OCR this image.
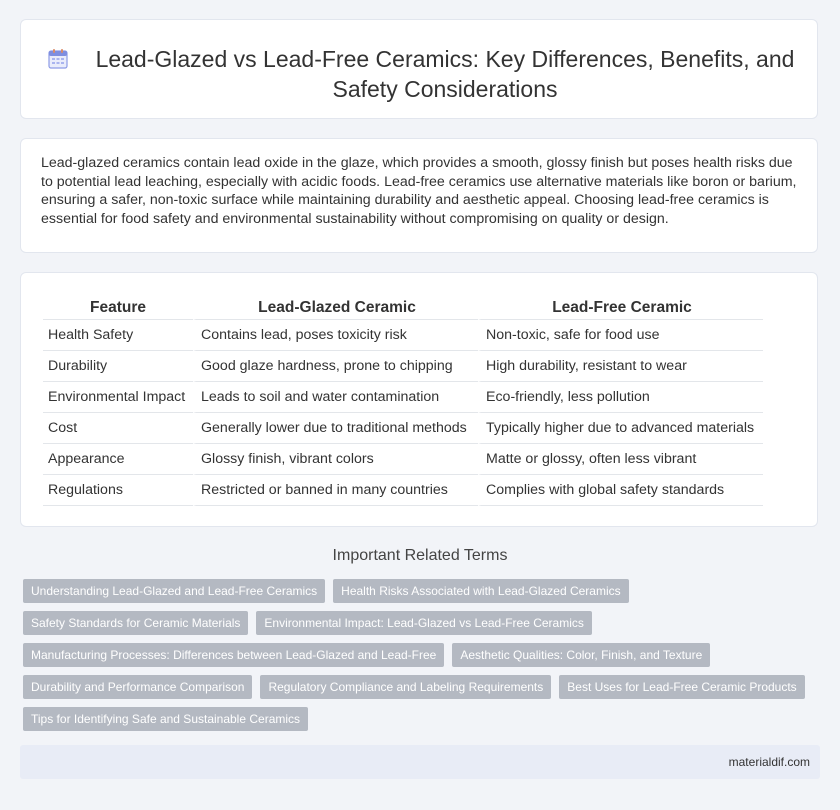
Lead-Glazed vs Lead-Free Ceramics: Key Differences, Benefits, and Safety Considerations

Lead-glazed ceramics contain lead oxide in the glaze, which provides a smooth, glossy finish but poses health risks due to potential lead leaching, especially with acidic foods. Lead-free ceramics use alternative materials like boron or barium, ensuring a safer, non-toxic surface while maintaining durability and aesthetic appeal. Choosing lead-free ceramics is essential for food safety and environmental sustainability without compromising on quality or design.

Feature	Lead-Glazed Ceramic	Lead-Free Ceramic
Health Safety	Contains lead, poses toxicity risk	Non-toxic, safe for food use
Durability	Good glaze hardness, prone to chipping	High durability, resistant to wear
Environmental Impact	Leads to soil and water contamination	Eco-friendly, less pollution
Cost	Generally lower due to traditional methods	Typically higher due to advanced materials
Appearance	Glossy finish, vibrant colors	Matte or glossy, often less vibrant
Regulations	Restricted or banned in many countries	Complies with global safety standards
Important Related Terms
Understanding Lead-Glazed and Lead-Free Ceramics	Health Risks Associated with Lead-Glazed Ceramics
Safety Standards for Ceramic Materials	Environmental Impact: Lead-Glazed vs Lead-Free Ceramics
Manufacturing Processes: Differences between Lead-Glazed and Lead-Free	Aesthetic Qualities: Color, Finish, and Texture
Durability and Performance Comparison	Regulatory Compliance and Labeling Requirements	Best Uses for Lead-Free Ceramic Products
Tips for Identifying Safe and Sustainable Ceramics
materialdif.com
